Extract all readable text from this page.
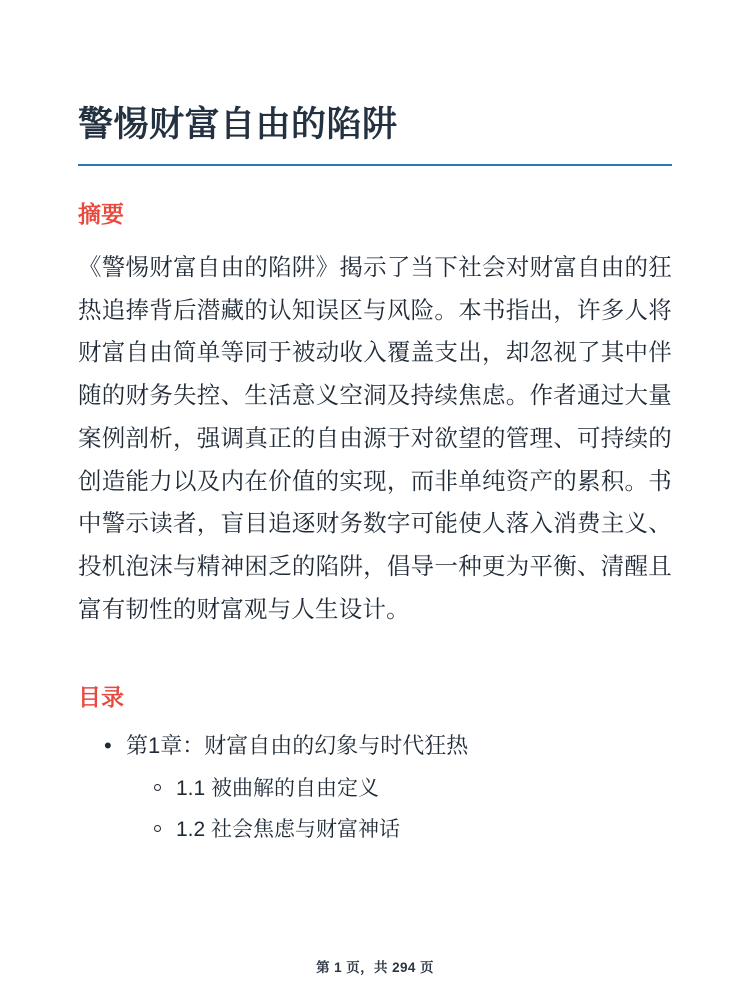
警惕财富自由的陷阱
摘要

《警惕财富自由的陷阱》揭示了当下社会对财富自由的狂热追捧背后潜藏的认知误区与风险。本书指出，许多人将财富自由简单等同于被动收入覆盖支出，却忽视了其中伴随的财务失控、生活意义空洞及持续焦虑。作者通过大量案例剖析，强调真正的自由源于对欲望的管理、可持续的创造能力以及内在价值的实现，而非单纯资产的累积。书中警示读者，盲目追逐财务数字可能使人落入消费主义、投机泡沫与精神困乏的陷阱，倡导一种更为平衡、清醒且富有韧性的财富观与人生设计。

目录
• 第1章：财富自由的幻象与时代狂热
1.1 被曲解的自由定义
1.2 社会焦虑与财富神话
第 1 页，共 294 页
